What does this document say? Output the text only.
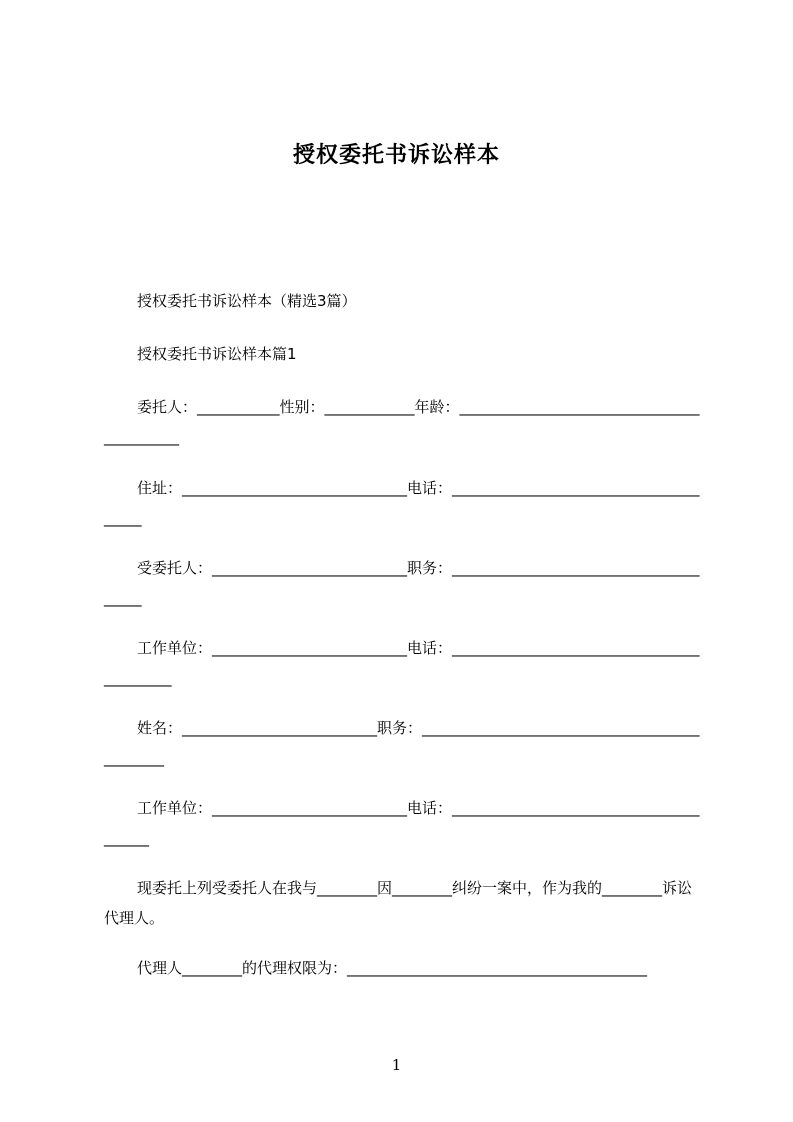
授权委托书诉讼样本
授权委托书诉讼样本（精选3篇）
授权委托书诉讼样本篇1
委托人：___________性别：____________年龄：__________________________________________
住址：______________________________电话：______________________________________
受委托人：__________________________职务：______________________________________
工作单位：__________________________电话：__________________________________________
姓名：__________________________职务：_____________________________________________
工作单位：__________________________电话：_______________________________________
现委托上列受委托人在我与________因________纠纷一案中，作为我的________诉讼代理人。
代理人________的代理权限为：________________________________________
1
